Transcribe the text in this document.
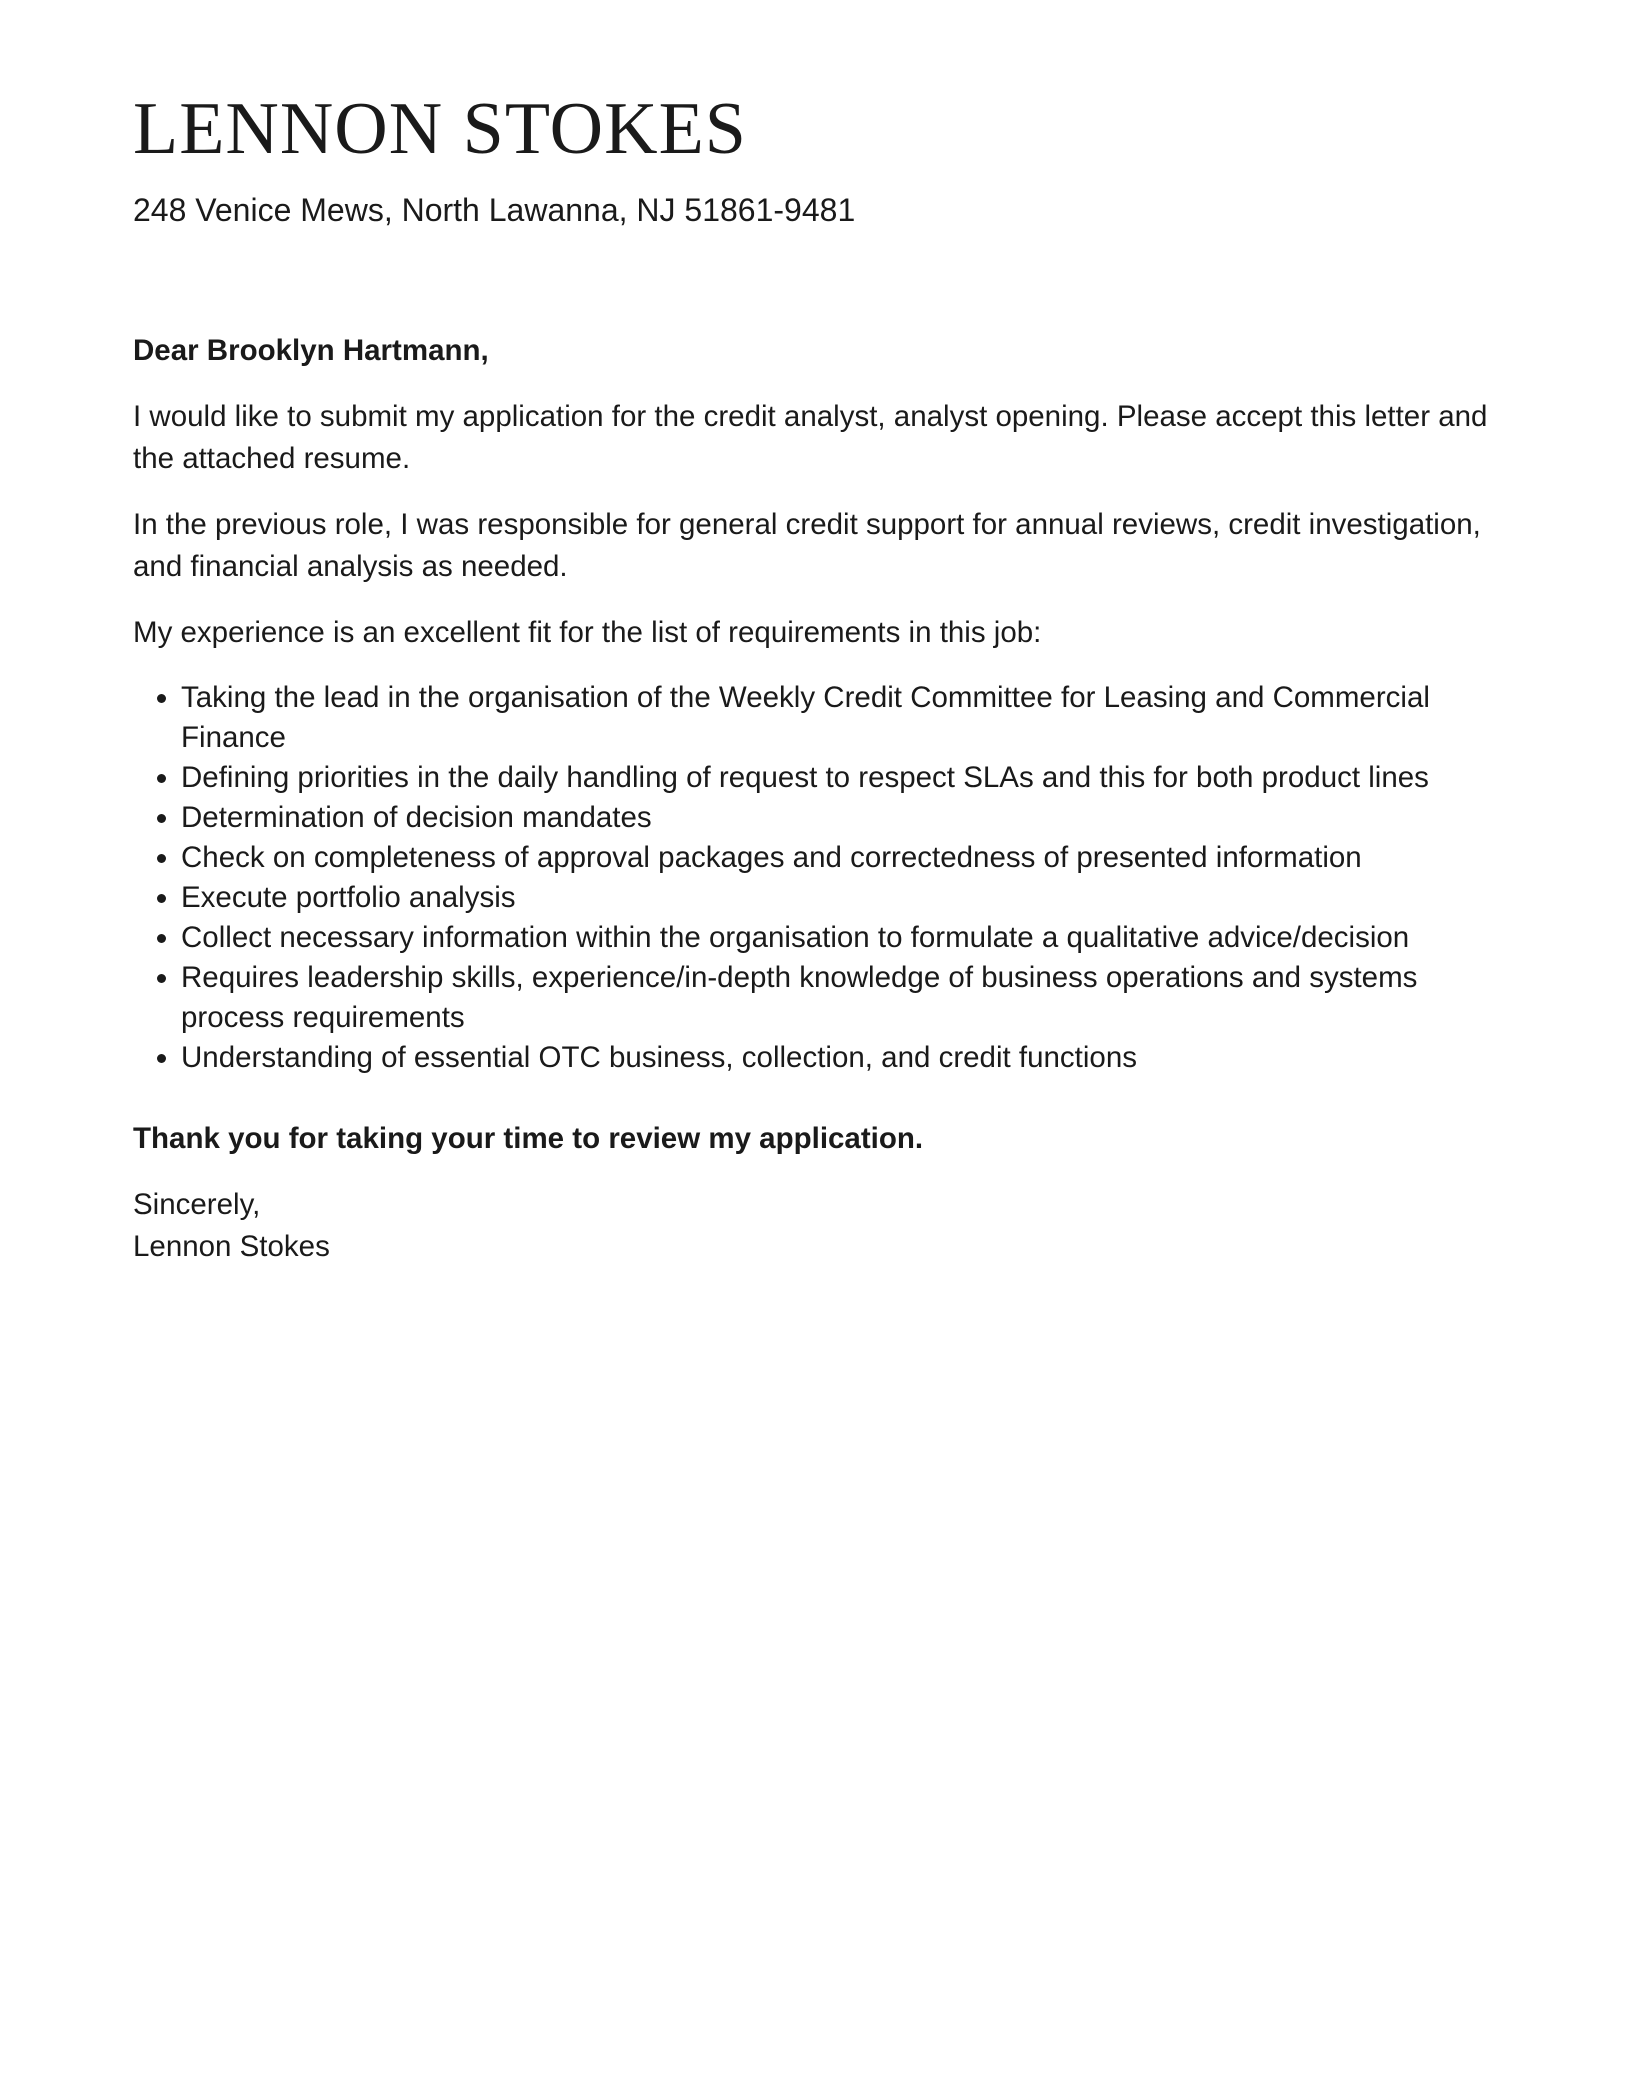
LENNON STOKES
248 Venice Mews, North Lawanna, NJ 51861-9481

Dear Brooklyn Hartmann,

I would like to submit my application for the credit analyst, analyst opening. Please accept this letter and the attached resume.

In the previous role, I was responsible for general credit support for annual reviews, credit investigation, and financial analysis as needed.

My experience is an excellent fit for the list of requirements in this job:

• Taking the lead in the organisation of the Weekly Credit Committee for Leasing and Commercial Finance
• Defining priorities in the daily handling of request to respect SLAs and this for both product lines
• Determination of decision mandates
• Check on completeness of approval packages and correctedness of presented information
• Execute portfolio analysis
• Collect necessary information within the organisation to formulate a qualitative advice/decision
• Requires leadership skills, experience/in-depth knowledge of business operations and systems process requirements
• Understanding of essential OTC business, collection, and credit functions

Thank you for taking your time to review my application.

Sincerely,

Lennon Stokes
